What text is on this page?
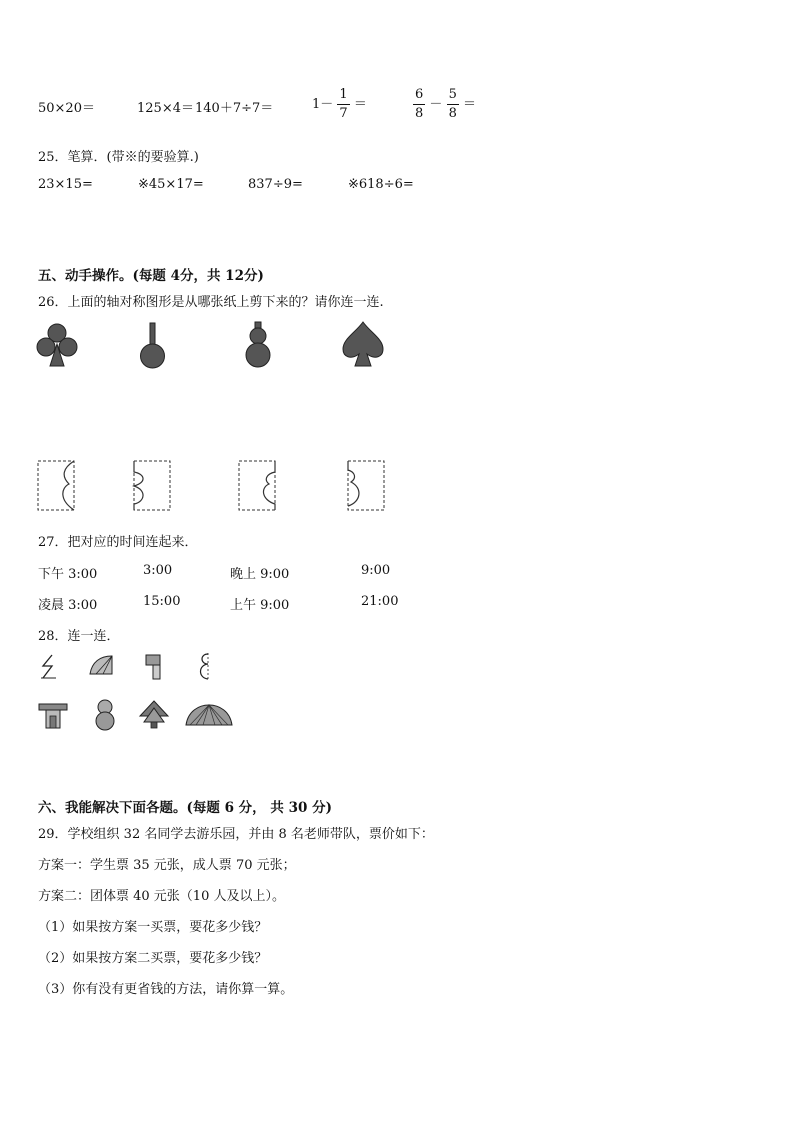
50×20＝	125×4＝ 140＋7÷7＝	$1- \frac{1}{7}$ ＝	$\frac{6}{8} - \frac{5}{8}$ ＝
25．笔算．(带※的要验算.)
23×15=	※45×17=	837÷9=	※618÷6=
五、动手操作。(每题 4分，共 12分)
26．上面的轴对称图形是从哪张纸上剪下来的？请你连一连.
27．把对应的时间连起来．
下午 3:00	3:00	晚上 9:00	9:00
凌晨 3:00	15:00	上午 9:00	21:00
28．连一连．
六、我能解决下面各题。(每题 6 分， 共 30 分)
29．学校组织 32 名同学去游乐园，并由 8 名老师带队，票价如下：
方案一：学生票 35 元张，成人票 70 元张；
方案二：团体票 40 元张（10 人及以上）。
（1）如果按方案一买票，要花多少钱？
（2）如果按方案二买票，要花多少钱？
（3）你有没有更省钱的方法，请你算一算。
